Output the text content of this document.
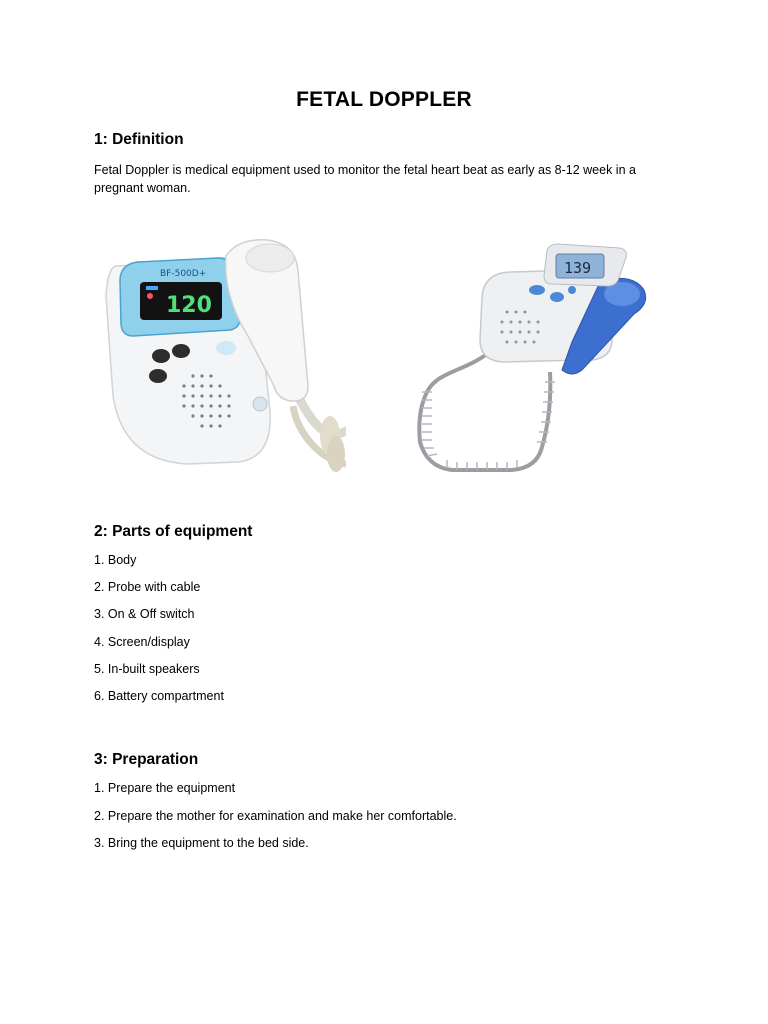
FETAL DOPPLER
1: Definition

Fetal Doppler is medical equipment used to monitor the fetal heart beat as early as 8-12 week in a pregnant woman.

BF-500D+
120
139
2: Parts of equipment

1. Body

2. Probe with cable

3. On & Off switch

4. Screen/display

5. In-built speakers

6. Battery compartment

3: Preparation

1. Prepare the equipment

2. Prepare the mother for examination and make her comfortable.

3. Bring the equipment to the bed side.
